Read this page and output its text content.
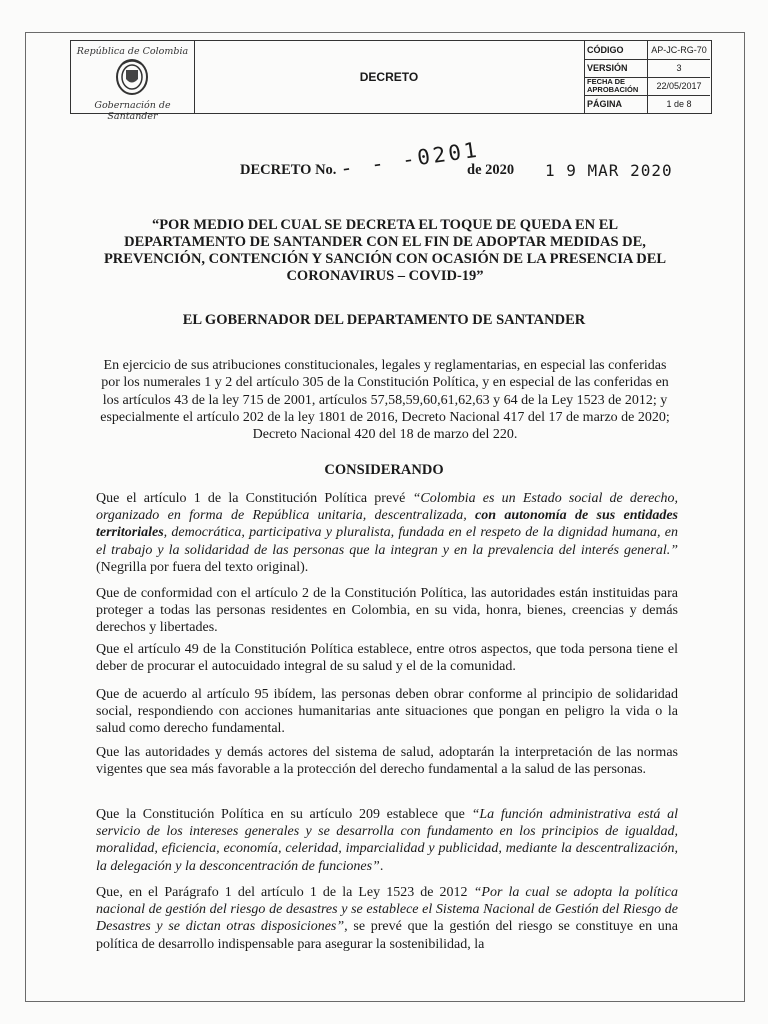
República de Colombia
Gobernación de Santander
DECRETO
CÓDIGO	AP-JC-RG-70
VERSIÓN	3
FECHA DE APROBACIÓN	22/05/2017
PÁGINA	1 de 8
DECRETO No. - - -0201
de 2020 1 9 MAR 2020
“POR MEDIO DEL CUAL SE DECRETA EL TOQUE DE QUEDA EN EL DEPARTAMENTO DE SANTANDER CON EL FIN DE ADOPTAR MEDIDAS DE, PREVENCIÓN, CONTENCIÓN Y SANCIÓN CON OCASIÓN DE LA PRESENCIA DEL CORONAVIRUS – COVID-19”
EL GOBERNADOR DEL DEPARTAMENTO DE SANTANDER
En ejercicio de sus atribuciones constitucionales, legales y reglamentarias, en especial las conferidas por los numerales 1 y 2 del artículo 305 de la Constitución Política, y en especial de las conferidas en los artículos 43 de la ley 715 de 2001, artículos 57,58,59,60,61,62,63 y 64 de la Ley 1523 de 2012; y especialmente el artículo 202 de la ley 1801 de 2016, Decreto Nacional 417 del 17 de marzo de 2020; Decreto Nacional 420 del 18 de marzo del 220.
CONSIDERANDO

Que el artículo 1 de la Constitución Política prevé “Colombia es un Estado social de derecho, organizado en forma de República unitaria, descentralizada, con autonomía de sus entidades territoriales, democrática, participativa y pluralista, fundada en el respeto de la dignidad humana, en el trabajo y la solidaridad de las personas que la integran y en la prevalencia del interés general.” (Negrilla por fuera del texto original).

Que de conformidad con el artículo 2 de la Constitución Política, las autoridades están instituidas para proteger a todas las personas residentes en Colombia, en su vida, honra, bienes, creencias y demás derechos y libertades.

Que el artículo 49 de la Constitución Política establece, entre otros aspectos, que toda persona tiene el deber de procurar el autocuidado integral de su salud y el de la comunidad.

Que de acuerdo al artículo 95 ibídem, las personas deben obrar conforme al principio de solidaridad social, respondiendo con acciones humanitarias ante situaciones que pongan en peligro la vida o la salud como derecho fundamental.

Que las autoridades y demás actores del sistema de salud, adoptarán la interpretación de las normas vigentes que sea más favorable a la protección del derecho fundamental a la salud de las personas.

Que la Constitución Política en su artículo 209 establece que “La función administrativa está al servicio de los intereses generales y se desarrolla con fundamento en los principios de igualdad, moralidad, eficiencia, economía, celeridad, imparcialidad y publicidad, mediante la descentralización, la delegación y la desconcentración de funciones”.

Que, en el Parágrafo 1 del artículo 1 de la Ley 1523 de 2012 “Por la cual se adopta la política nacional de gestión del riesgo de desastres y se establece el Sistema Nacional de Gestión del Riesgo de Desastres y se dictan otras disposiciones”, se prevé que la gestión del riesgo se constituye en una política de desarrollo indispensable para asegurar la sostenibilidad, la
